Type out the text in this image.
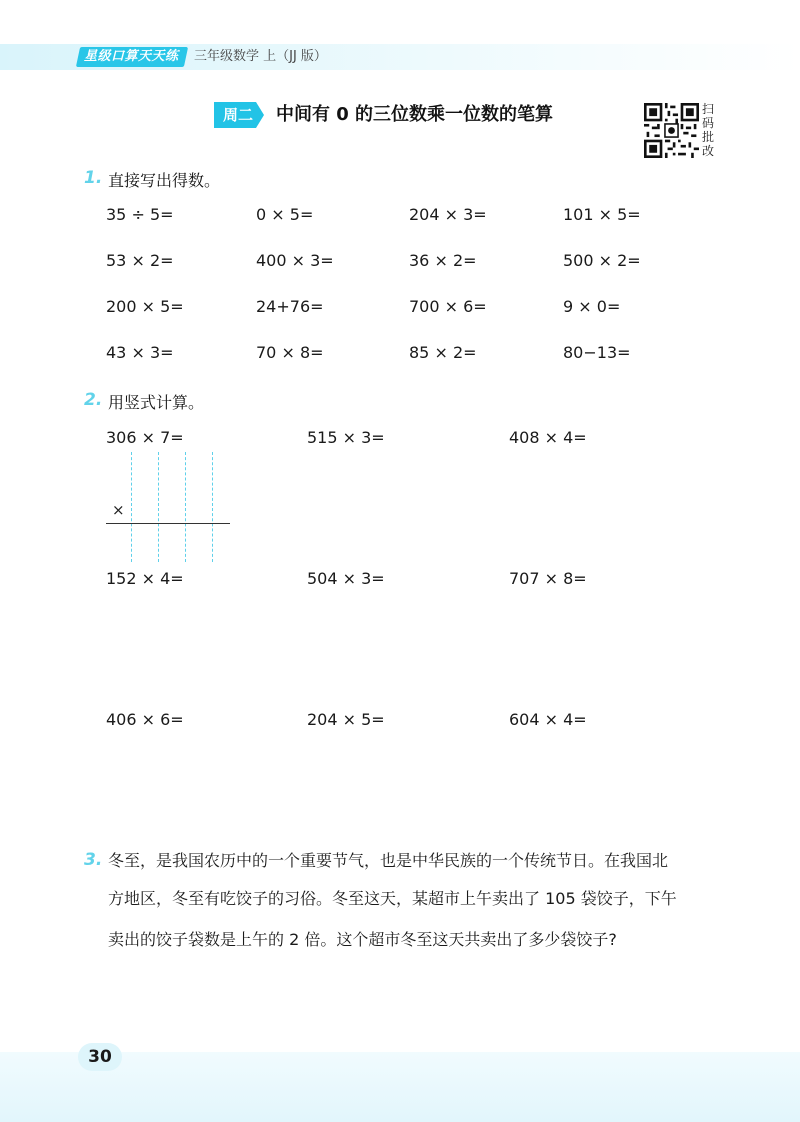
星级口算天天练 三年级数学 上（JJ 版）
周二 中间有 0 的三位数乘一位数的笔算	扫
码
批
改
1. 直接写出得数。
35 ÷ 5=	0 × 5=	204 × 3=	101 × 5=
53 × 2=	400 × 3=	36 × 2=	500 × 2=
200 × 5=	24+76=	700 × 6=	9 × 0=
43 × 3=	70 × 8=	85 × 2=	80−13=
2. 用竖式计算。
306 × 7=	515 × 3=	408 × 4=
×
152 × 4=	504 × 3=	707 × 8=
406 × 6=	204 × 5=	604 × 4=
3. 冬至，是我国农历中的一个重要节气，也是中华民族的一个传统节日。在我国北
方地区，冬至有吃饺子的习俗。冬至这天，某超市上午卖出了 105 袋饺子，下午
卖出的饺子袋数是上午的 2 倍。这个超市冬至这天共卖出了多少袋饺子?
30
